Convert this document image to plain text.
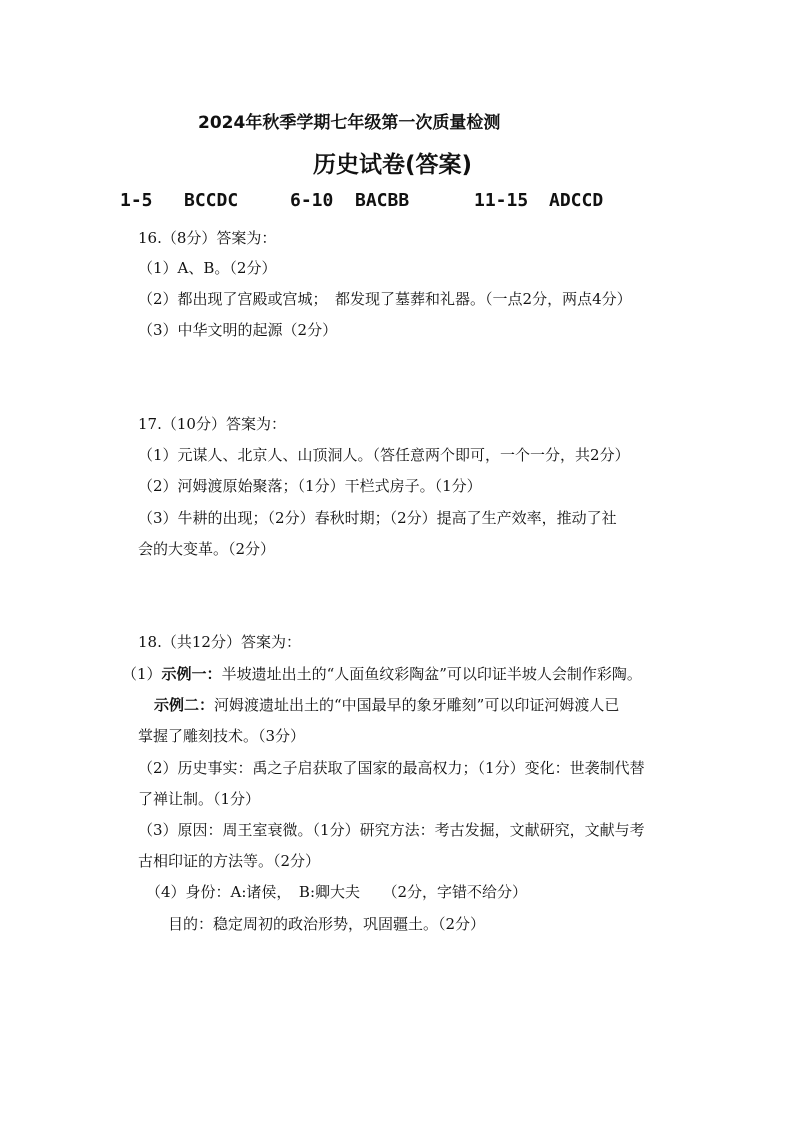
2024年秋季学期七年级第一次质量检测
历史试卷(答案)
1-5 BCCDC	6-10 BACBB	11-15 ADCCD
16.（8分）答案为：
（1）A、B。（2分）
（2）都出现了宫殿或宫城；　都发现了墓葬和礼器。（一点2分，两点4分）
（3）中华文明的起源（2分）
17.（10分）答案为：
（1）元谋人、北京人、山顶洞人。（答任意两个即可，一个一分，共2分）
（2）河姆渡原始聚落；（1分）干栏式房子。（1分）
（3）牛耕的出现；（2分）春秋时期；（2分）提高了生产效率，推动了社
会的大变革。（2分）
18.（共12分）答案为：
（1）示例一：半坡遗址出土的“人面鱼纹彩陶盆”可以印证半坡人会制作彩陶。
示例二：河姆渡遗址出土的“中国最早的象牙雕刻”可以印证河姆渡人已
掌握了雕刻技术。（3分）
（2）历史事实：禹之子启获取了国家的最高权力；（1分）变化：世袭制代替
了禅让制。（1分）
（3）原因：周王室衰微。（1分）研究方法：考古发掘，文献研究，文献与考
古相印证的方法等。（2分）
（4）身份：A:诸侯，　B:卿大夫　　（2分，字错不给分）
目的：稳定周初的政治形势，巩固疆土。（2分）
